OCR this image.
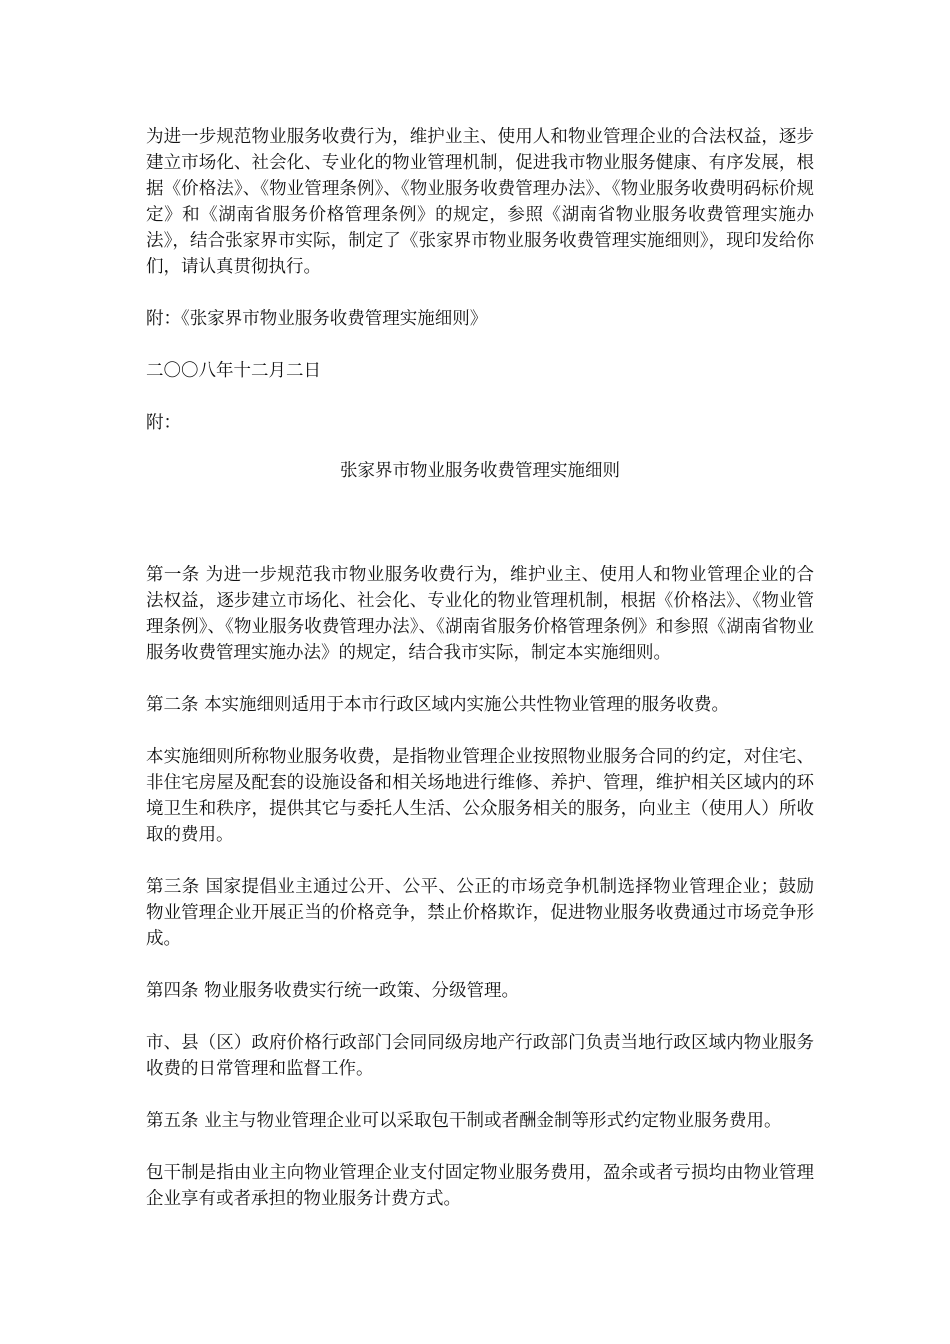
为进一步规范物业服务收费行为，维护业主、使用人和物业管理企业的合法权益，逐步建立市场化、社会化、专业化的物业管理机制，促进我市物业服务健康、有序发展，根据《价格法》、《物业管理条例》、《物业服务收费管理办法》、《物业服务收费明码标价规定》和《湖南省服务价格管理条例》的规定，参照《湖南省物业服务收费管理实施办法》，结合张家界市实际，制定了《张家界市物业服务收费管理实施细则》，现印发给你们，请认真贯彻执行。

附：《张家界市物业服务收费管理实施细则》

二〇〇八年十二月二日

附：

张家界市物业服务收费管理实施细则

第一条 为进一步规范我市物业服务收费行为，维护业主、使用人和物业管理企业的合法权益，逐步建立市场化、社会化、专业化的物业管理机制，根据《价格法》、《物业管理条例》、《物业服务收费管理办法》、《湖南省服务价格管理条例》和参照《湖南省物业服务收费管理实施办法》的规定，结合我市实际，制定本实施细则。

第二条 本实施细则适用于本市行政区域内实施公共性物业管理的服务收费。

本实施细则所称物业服务收费，是指物业管理企业按照物业服务合同的约定，对住宅、非住宅房屋及配套的设施设备和相关场地进行维修、养护、管理，维护相关区域内的环境卫生和秩序，提供其它与委托人生活、公众服务相关的服务，向业主（使用人）所收取的费用。

第三条 国家提倡业主通过公开、公平、公正的市场竞争机制选择物业管理企业；鼓励物业管理企业开展正当的价格竞争，禁止价格欺诈，促进物业服务收费通过市场竞争形成。

第四条 物业服务收费实行统一政策、分级管理。

市、县（区）政府价格行政部门会同同级房地产行政部门负责当地行政区域内物业服务收费的日常管理和监督工作。

第五条 业主与物业管理企业可以采取包干制或者酬金制等形式约定物业服务费用。

包干制是指由业主向物业管理企业支付固定物业服务费用，盈余或者亏损均由物业管理企业享有或者承担的物业服务计费方式。
